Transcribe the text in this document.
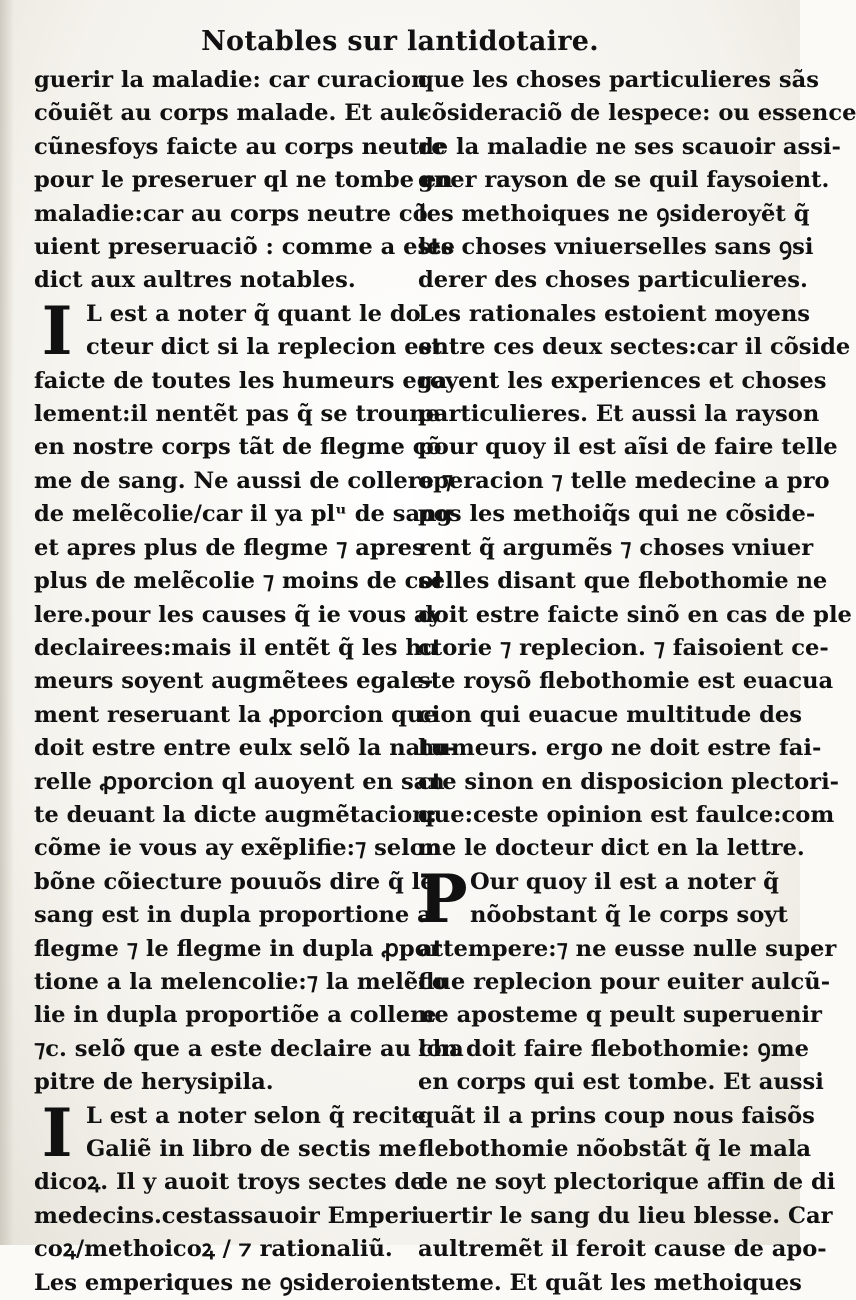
Notables sur lantidotaire.
guerir la maladie: car curacion
cõuiẽt au corps malade. Et aul-
cũnesfoys faicte au corps neutre
pour le preseruer ql ne tombe en
maladie:car au corps neutre cõ
uient preseruaciõ : comme a este
dict aux aultres notables.
I L est a noter q̃ quant le do
cteur dict si la replecion est
faicte de toutes les humeurs ega
lement:il nentẽt pas q̃ se troune
en nostre corps tãt de flegme cõ
me de sang. Ne aussi de collere ⁊
de melẽcolie/car il ya plᵘ de sang
et apres plus de flegme ⁊ apres
plus de melẽcolie ⁊ moins de col
lere.pour les causes q̃ ie vous ay
declairees:mais il entẽt q̃ les hu
meurs soyent augmẽtees egale-
ment reseruant la ꝓporcion que
doit estre entre eulx selõ la natu-
relle ꝓporcion ql auoyent en san
te deuant la dicte augmẽtacion:
cõme ie vous ay exẽplifie:⁊ selon
bõne cõiecture pouuõs dire q̃ le
sang est in dupla proportione a
flegme ⁊ le flegme in dupla ꝓpor
tione a la melencolie:⁊ la melẽco
lie in dupla proportiõe a collere
⁊c. selõ que a este declaire au cha
pitre de herysipila.
I L est a noter selon q̃ recite
Galiẽ in libro de sectis me
dicoꝝ. Il y auoit troys sectes de
medecins.cestassauoir Emperi
coꝝ/methoicoꝝ / ⁊ rationaliũ.
Les emperiques ne ꝯsideroient
que les choses particulieres sãs
cõsideraciõ de lespece: ou essence
de la maladie ne ses scauoir assi-
gner rayson de se quil faysoient.
les methoiques ne ꝯsideroyẽt q̃
les choses vniuerselles sans ꝯsi
derer des choses particulieres.
Les rationales estoient moyens
entre ces deux sectes:car il cõside
royent les experiences et choses
particulieres. Et aussi la rayson
pour quoy il est aĩsi de faire telle
operacion ⁊ telle medecine a pro
pos les methoiq̃s qui ne cõside-
rent q̃ argumẽs ⁊ choses vniuer
selles disant que flebothomie ne
doit estre faicte sinõ en cas de ple
ctorie ⁊ replecion. ⁊ faisoient ce-
ste roysõ flebothomie est euacua
cion qui euacue multitude des
humeurs. ergo ne doit estre fai-
cte sinon en disposicion plectori-
que:ceste opinion est faulce:com
me le docteur dict en la lettre.
P Our quoy il est a noter q̃
nõobstant q̃ le corps soyt
attempere:⁊ ne eusse nulle super
flue replecion pour euiter aulcũ-
ne aposteme q peult superuenir
lon doit faire flebothomie: ꝯme
en corps qui est tombe. Et aussi
quãt il a prins coup nous faisõs
flebothomie nõobstãt q̃ le mala
de ne soyt plectorique affin de di
uertir le sang du lieu blesse. Car
aultremẽt il feroit cause de apo-
steme. Et quãt les methoiques
